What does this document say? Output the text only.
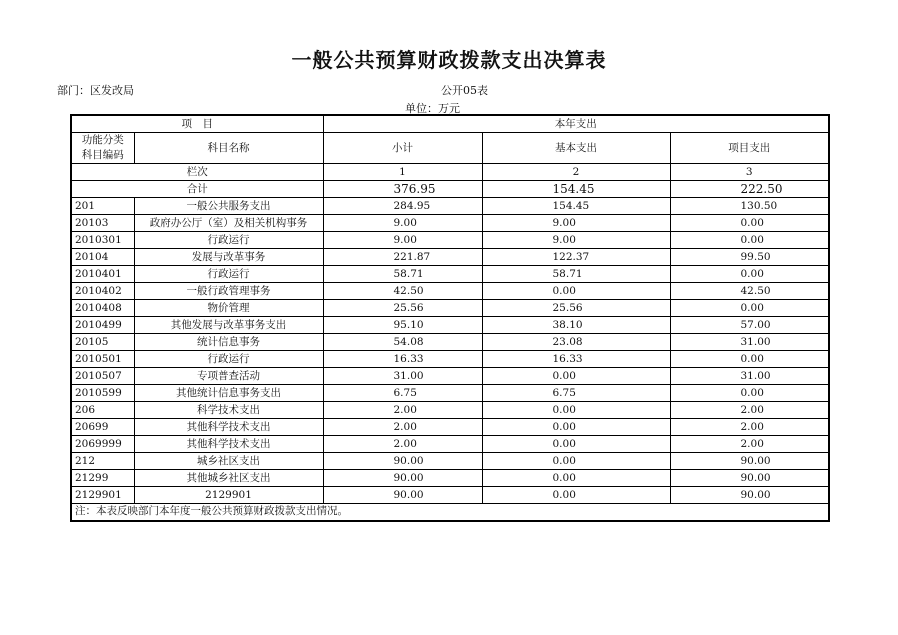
一般公共预算财政拨款支出决算表
部门：区发改局	公开05表
单位：万元
项　目		本年支出		
功能分类科目编码	科目名称	小计	基本支出	项目支出
栏次		1	2	3
合计		376.95	154.45	222.50
201	一般公共服务支出	284.95	154.45	130.50
20103	政府办公厅（室）及相关机构事务	9.00	9.00	0.00
2010301	行政运行	9.00	9.00	0.00
20104	发展与改革事务	221.87	122.37	99.50
2010401	行政运行	58.71	58.71	0.00
2010402	一般行政管理事务	42.50	0.00	42.50
2010408	物价管理	25.56	25.56	0.00
2010499	其他发展与改革事务支出	95.10	38.10	57.00
20105	统计信息事务	54.08	23.08	31.00
2010501	行政运行	16.33	16.33	0.00
2010507	专项普查活动	31.00	0.00	31.00
2010599	其他统计信息事务支出	6.75	6.75	0.00
206	科学技术支出	2.00	0.00	2.00
20699	其他科学技术支出	2.00	0.00	2.00
2069999	其他科学技术支出	2.00	0.00	2.00
212	城乡社区支出	90.00	0.00	90.00
21299	其他城乡社区支出	90.00	0.00	90.00
2129901	2129901	90.00	0.00	90.00
注：本表反映部门本年度一般公共预算财政拨款支出情况。				
